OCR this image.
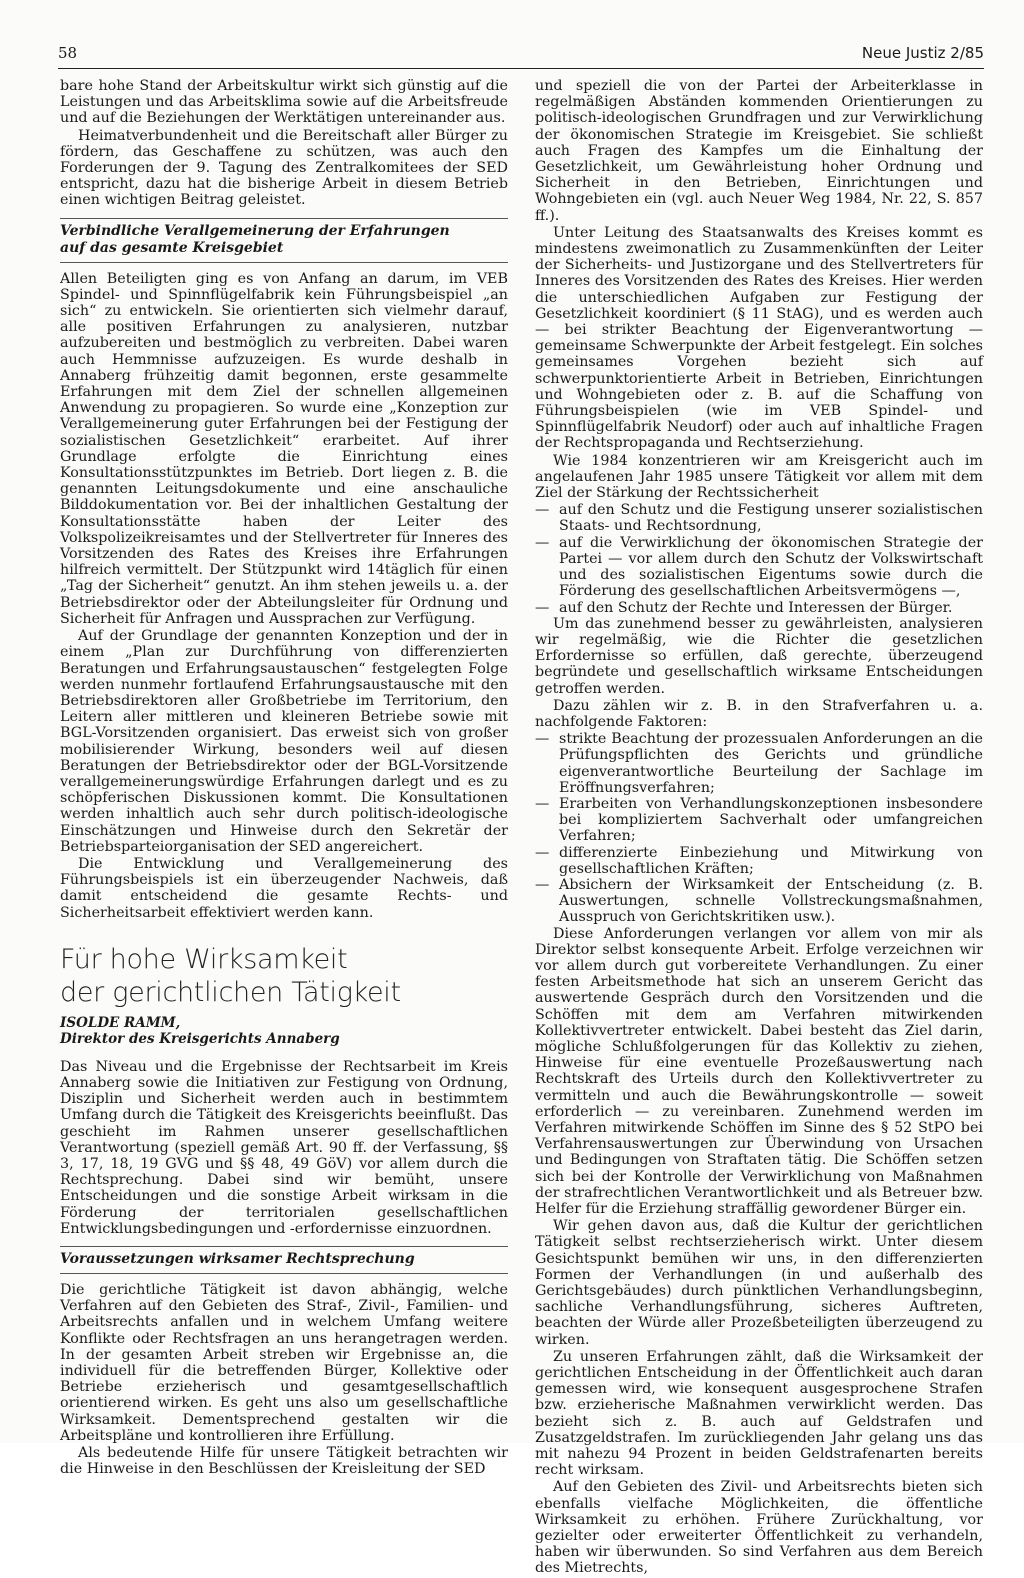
58	Neue Justiz 2/85

bare hohe Stand der Arbeitskultur wirkt sich günstig auf die Leistungen und das Arbeitsklima sowie auf die Arbeitsfreude und auf die Beziehungen der Werktätigen untereinander aus.

Heimatverbundenheit und die Bereitschaft aller Bürger zu fördern, das Geschaffene zu schützen, was auch den Forderungen der 9. Tagung des Zentralkomitees der SED entspricht, dazu hat die bisherige Arbeit in diesem Betrieb einen wichtigen Beitrag geleistet.

Verbindliche Verallgemeinerung der Erfahrungen
auf das gesamte Kreisgebiet

Allen Beteiligten ging es von Anfang an darum, im VEB Spindel- und Spinnflügelfabrik kein Führungsbeispiel „an sich“ zu entwickeln. Sie orientierten sich vielmehr darauf, alle positiven Erfahrungen zu analysieren, nutzbar aufzubereiten und bestmöglich zu verbreiten. Dabei waren auch Hemmnisse aufzuzeigen. Es wurde deshalb in Annaberg frühzeitig damit begonnen, erste gesammelte Erfahrungen mit dem Ziel der schnellen allgemeinen Anwendung zu propagieren. So wurde eine „Konzeption zur Verallgemeinerung guter Erfahrungen bei der Festigung der sozialistischen Gesetzlichkeit“ erarbeitet. Auf ihrer Grundlage erfolgte die Einrichtung eines Konsultationsstützpunktes im Betrieb. Dort liegen z. B. die genannten Leitungsdokumente und eine anschauliche Bilddokumentation vor. Bei der inhaltlichen Gestaltung der Konsultationsstätte haben der Leiter des Volkspolizeikreisamtes und der Stellvertreter für Inneres des Vorsitzenden des Rates des Kreises ihre Erfahrungen hilfreich vermittelt. Der Stützpunkt wird 14täglich für einen „Tag der Sicherheit“ genutzt. An ihm stehen jeweils u. a. der Betriebsdirektor oder der Abteilungsleiter für Ordnung und Sicherheit für Anfragen und Aussprachen zur Verfügung.

Auf der Grundlage der genannten Konzeption und der in einem „Plan zur Durchführung von differenzierten Beratungen und Erfahrungsaustauschen“ festgelegten Folge werden nunmehr fortlaufend Erfahrungsaustausche mit den Betriebsdirektoren aller Großbetriebe im Territorium, den Leitern aller mittleren und kleineren Betriebe sowie mit BGL-Vorsitzenden organisiert. Das erweist sich von großer mobilisierender Wirkung, besonders weil auf diesen Beratungen der Betriebsdirektor oder der BGL-Vorsitzende verallgemeinerungswürdige Erfahrungen darlegt und es zu schöpferischen Diskussionen kommt. Die Konsultationen werden inhaltlich auch sehr durch politisch-ideologische Einschätzungen und Hinweise durch den Sekretär der Betriebsparteiorganisation der SED angereichert.

Die Entwicklung und Verallgemeinerung des Führungsbeispiels ist ein überzeugender Nachweis, daß damit entscheidend die gesamte Rechts- und Sicherheitsarbeit effektiviert werden kann.

Für hohe Wirksamkeit
der gerichtlichen Tätigkeit
ISOLDE RAMM,
Direktor des Kreisgerichts Annaberg

Das Niveau und die Ergebnisse der Rechtsarbeit im Kreis Annaberg sowie die Initiativen zur Festigung von Ordnung, Disziplin und Sicherheit werden auch in bestimmtem Umfang durch die Tätigkeit des Kreisgerichts beeinflußt. Das geschieht im Rahmen unserer gesellschaftlichen Verantwortung (speziell gemäß Art. 90 ff. der Verfassung, §§ 3, 17, 18, 19 GVG und §§ 48, 49 GöV) vor allem durch die Rechtsprechung. Dabei sind wir bemüht, unsere Entscheidungen und die sonstige Arbeit wirksam in die Förderung der territorialen gesellschaftlichen Entwicklungsbedingungen und -erfordernisse einzuordnen.

Voraussetzungen wirksamer Rechtsprechung

Die gerichtliche Tätigkeit ist davon abhängig, welche Verfahren auf den Gebieten des Straf-, Zivil-, Familien- und Arbeitsrechts anfallen und in welchem Umfang weitere Konflikte oder Rechtsfragen an uns herangetragen werden. In der gesamten Arbeit streben wir Ergebnisse an, die individuell für die betreffenden Bürger, Kollektive oder Betriebe erzieherisch und gesamtgesellschaftlich orientierend wirken. Es geht uns also um gesellschaftliche Wirksamkeit. Dementsprechend gestalten wir die Arbeitspläne und kontrollieren ihre Erfüllung.

Als bedeutende Hilfe für unsere Tätigkeit betrachten wir die Hinweise in den Beschlüssen der Kreisleitung der SED

und speziell die von der Partei der Arbeiterklasse in regelmäßigen Abständen kommenden Orientierungen zu politisch-ideologischen Grundfragen und zur Verwirklichung der ökonomischen Strategie im Kreisgebiet. Sie schließt auch Fragen des Kampfes um die Einhaltung der Gesetzlichkeit, um Gewährleistung hoher Ordnung und Sicherheit in den Betrieben, Einrichtungen und Wohngebieten ein (vgl. auch Neuer Weg 1984, Nr. 22, S. 857 ff.).

Unter Leitung des Staatsanwalts des Kreises kommt es mindestens zweimonatlich zu Zusammenkünften der Leiter der Sicherheits- und Justizorgane und des Stellvertreters für Inneres des Vorsitzenden des Rates des Kreises. Hier werden die unterschiedlichen Aufgaben zur Festigung der Gesetzlichkeit koordiniert (§ 11 StAG), und es werden auch — bei strikter Beachtung der Eigenverantwortung — gemeinsame Schwerpunkte der Arbeit festgelegt. Ein solches gemeinsames Vorgehen bezieht sich auf schwerpunktorientierte Arbeit in Betrieben, Einrichtungen und Wohngebieten oder z. B. auf die Schaffung von Führungsbeispielen (wie im VEB Spindel- und Spinnflügelfabrik Neudorf) oder auch auf inhaltliche Fragen der Rechtspropaganda und Rechtserziehung.

Wie 1984 konzentrieren wir am Kreisgericht auch im angelaufenen Jahr 1985 unsere Tätigkeit vor allem mit dem Ziel der Stärkung der Rechtssicherheit

— auf den Schutz und die Festigung unserer sozialistischen Staats- und Rechtsordnung,
— auf die Verwirklichung der ökonomischen Strategie der Partei — vor allem durch den Schutz der Volkswirtschaft und des sozialistischen Eigentums sowie durch die Förderung des gesellschaftlichen Arbeitsvermögens —,
— auf den Schutz der Rechte und Interessen der Bürger.

Um das zunehmend besser zu gewährleisten, analysieren wir regelmäßig, wie die Richter die gesetzlichen Erfordernisse so erfüllen, daß gerechte, überzeugend begründete und gesellschaftlich wirksame Entscheidungen getroffen werden.

Dazu zählen wir z. B. in den Strafverfahren u. a. nachfolgende Faktoren:

— strikte Beachtung der prozessualen Anforderungen an die Prüfungspflichten des Gerichts und gründliche eigenverantwortliche Beurteilung der Sachlage im Eröffnungsverfahren;
— Erarbeiten von Verhandlungskonzeptionen insbesondere bei kompliziertem Sachverhalt oder umfangreichen Verfahren;
— differenzierte Einbeziehung und Mitwirkung von gesellschaftlichen Kräften;
— Absichern der Wirksamkeit der Entscheidung (z. B. Auswertungen, schnelle Vollstreckungsmaßnahmen, Ausspruch von Gerichtskritiken usw.).

Diese Anforderungen verlangen vor allem von mir als Direktor selbst konsequente Arbeit. Erfolge verzeichnen wir vor allem durch gut vorbereitete Verhandlungen. Zu einer festen Arbeitsmethode hat sich an unserem Gericht das auswertende Gespräch durch den Vorsitzenden und die Schöffen mit dem am Verfahren mitwirkenden Kollektivvertreter entwickelt. Dabei besteht das Ziel darin, mögliche Schlußfolgerungen für das Kollektiv zu ziehen, Hinweise für eine eventuelle Prozeßauswertung nach Rechtskraft des Urteils durch den Kollektivvertreter zu vermitteln und auch die Bewährungskontrolle — soweit erforderlich — zu vereinbaren. Zunehmend werden im Verfahren mitwirkende Schöffen im Sinne des § 52 StPO bei Verfahrensauswertungen zur Überwindung von Ursachen und Bedingungen von Straftaten tätig. Die Schöffen setzen sich bei der Kontrolle der Verwirklichung von Maßnahmen der strafrechtlichen Verantwortlichkeit und als Betreuer bzw. Helfer für die Erziehung straffällig gewordener Bürger ein.

Wir gehen davon aus, daß die Kultur der gerichtlichen Tätigkeit selbst rechtserzieherisch wirkt. Unter diesem Gesichtspunkt bemühen wir uns, in den differenzierten Formen der Verhandlungen (in und außerhalb des Gerichtsgebäudes) durch pünktlichen Verhandlungsbeginn, sachliche Verhandlungsführung, sicheres Auftreten, beachten der Würde aller Prozeßbeteiligten überzeugend zu wirken.

Zu unseren Erfahrungen zählt, daß die Wirksamkeit der gerichtlichen Entscheidung in der Öffentlichkeit auch daran gemessen wird, wie konsequent ausgesprochene Strafen bzw. erzieherische Maßnahmen verwirklicht werden. Das bezieht sich z. B. auch auf Geldstrafen und Zusatzgeldstrafen. Im zurückliegenden Jahr gelang uns das mit nahezu 94 Prozent in beiden Geldstrafenarten bereits recht wirksam.

Auf den Gebieten des Zivil- und Arbeitsrechts bieten sich ebenfalls vielfache Möglichkeiten, die öffentliche Wirksamkeit zu erhöhen. Frühere Zurückhaltung, vor gezielter oder erweiterter Öffentlichkeit zu verhandeln, haben wir überwunden. So sind Verfahren aus dem Bereich des Mietrechts,
